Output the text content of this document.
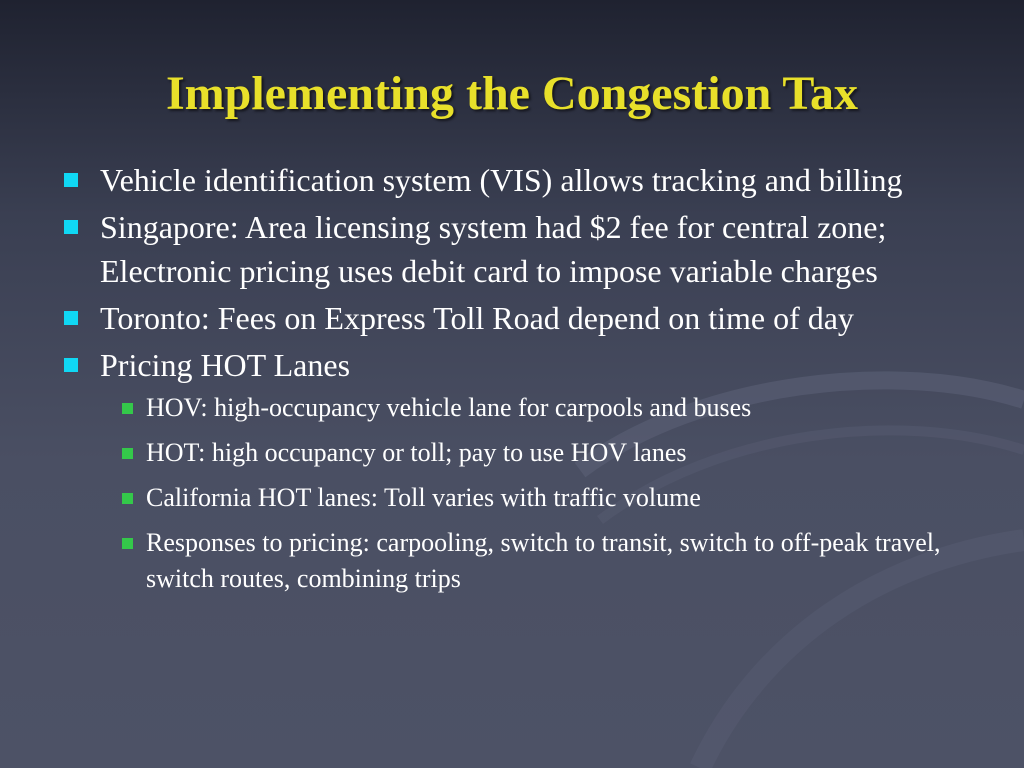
Implementing the Congestion Tax
Vehicle identification system (VIS) allows tracking and billing
Singapore: Area licensing system had $2 fee for central zone; Electronic pricing uses debit card to impose variable charges
Toronto: Fees on Express Toll Road depend on time of day
Pricing HOT Lanes
HOV: high-occupancy vehicle lane for carpools and buses
HOT: high occupancy or toll; pay to use HOV lanes
California HOT lanes: Toll varies with traffic volume
Responses to pricing: carpooling, switch to transit, switch to off-peak travel, switch routes, combining trips
